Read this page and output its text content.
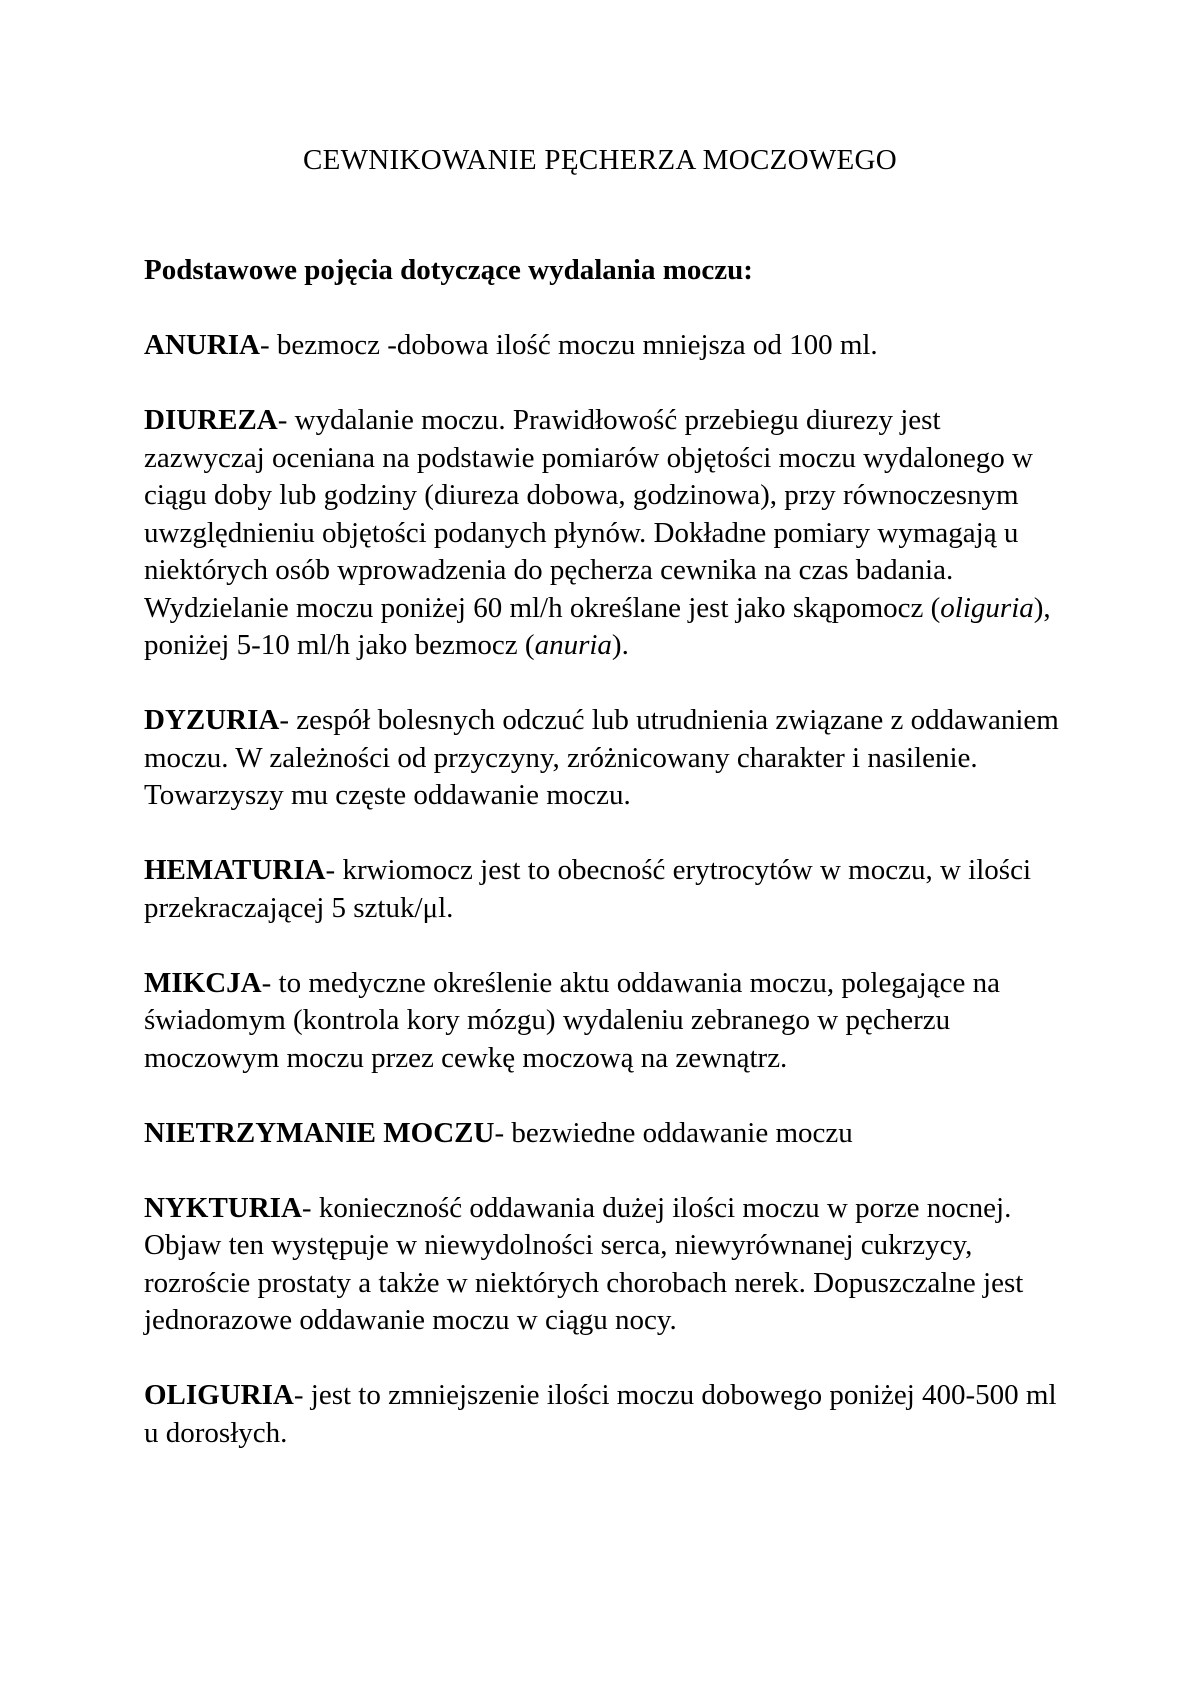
CEWNIKOWANIE PĘCHERZA MOCZOWEGO

Podstawowe pojęcia dotyczące wydalania moczu:

ANURIA- bezmocz -dobowa ilość moczu mniejsza od 100 ml.

DIUREZA- wydalanie moczu. Prawidłowość przebiegu diurezy jest zazwyczaj oceniana na podstawie pomiarów objętości moczu wydalonego w ciągu doby lub godziny (diureza dobowa, godzinowa), przy równoczesnym uwzględnieniu objętości podanych płynów. Dokładne pomiary wymagają u niektórych osób wprowadzenia do pęcherza cewnika na czas badania. Wydzielanie moczu poniżej 60 ml/h określane jest jako skąpomocz (oliguria), poniżej 5-10 ml/h jako bezmocz (anuria).

DYZURIA- zespół bolesnych odczuć lub utrudnienia związane z oddawaniem moczu. W zależności od przyczyny, zróżnicowany charakter i nasilenie. Towarzyszy mu częste oddawanie moczu.

HEMATURIA- krwiomocz jest to obecność erytrocytów w moczu, w ilości przekraczającej 5 sztuk/μl.

MIKCJA- to medyczne określenie aktu oddawania moczu, polegające na świadomym (kontrola kory mózgu) wydaleniu zebranego w pęcherzu moczowym moczu przez cewkę moczową na zewnątrz.

NIETRZYMANIE MOCZU- bezwiedne oddawanie moczu

NYKTURIA- konieczność oddawania dużej ilości moczu w porze nocnej. Objaw ten występuje w niewydolności serca, niewyrównanej cukrzycy, rozroście prostaty a także w niektórych chorobach nerek. Dopuszczalne jest jednorazowe oddawanie moczu w ciągu nocy.

OLIGURIA- jest to zmniejszenie ilości moczu dobowego poniżej 400-500 ml u dorosłych.
